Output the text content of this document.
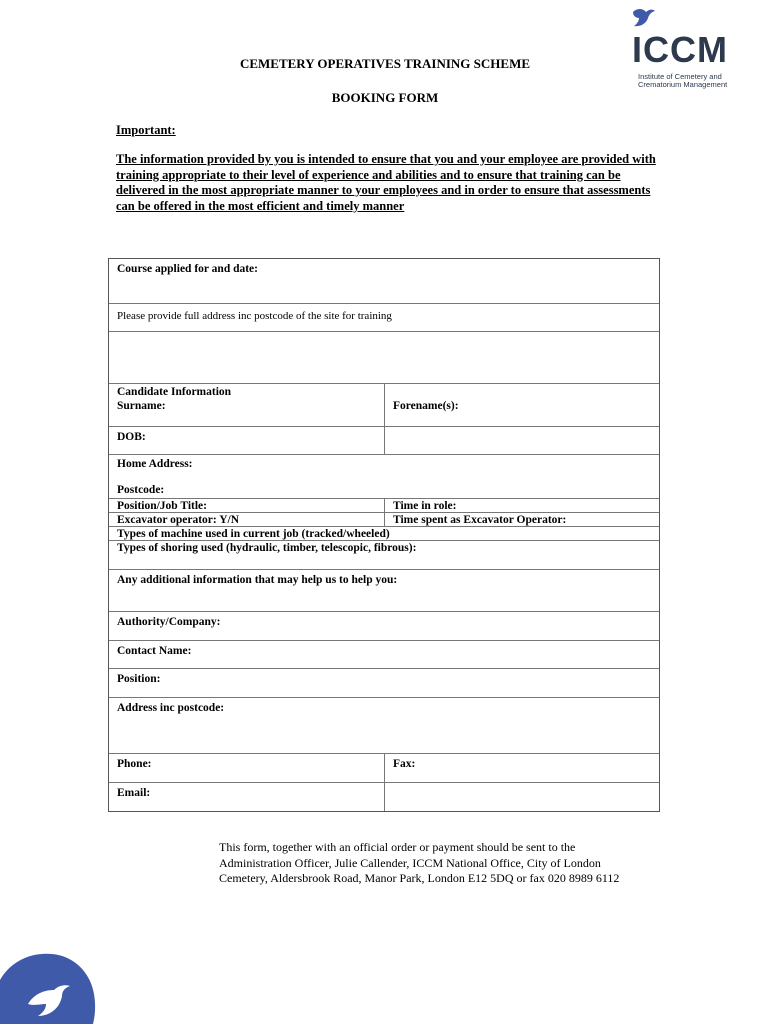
ICCM
Institute of Cemetery and
Crematorium Management
CEMETERY OPERATIVES TRAINING SCHEME
BOOKING FORM
Important:
The information provided by you is intended to ensure that you and your employee are provided with training appropriate to their level of experience and abilities and to ensure that training can be delivered in the most appropriate manner to your employees and in order to ensure that assessments can be offered in the most efficient and timely manner
Course applied for and date:
Please provide full address inc postcode of the site for training
Candidate Information
Surname:	Forename(s):
DOB:
Home Address:
Postcode:
Position/Job Title:	Time in role:
Excavator operator: Y/N	Time spent as Excavator Operator:
Types of machine used in current job (tracked/wheeled)
Types of shoring used (hydraulic, timber, telescopic, fibrous):
Any additional information that may help us to help you:
Authority/Company:
Contact Name:
Position:
Address inc postcode:
Phone:	Fax:
Email:
This form, together with an official order or payment should be sent to the Administration Officer, Julie Callender, ICCM National Office, City of London Cemetery, Aldersbrook Road, Manor Park, London E12 5DQ or fax 020 8989 6112
